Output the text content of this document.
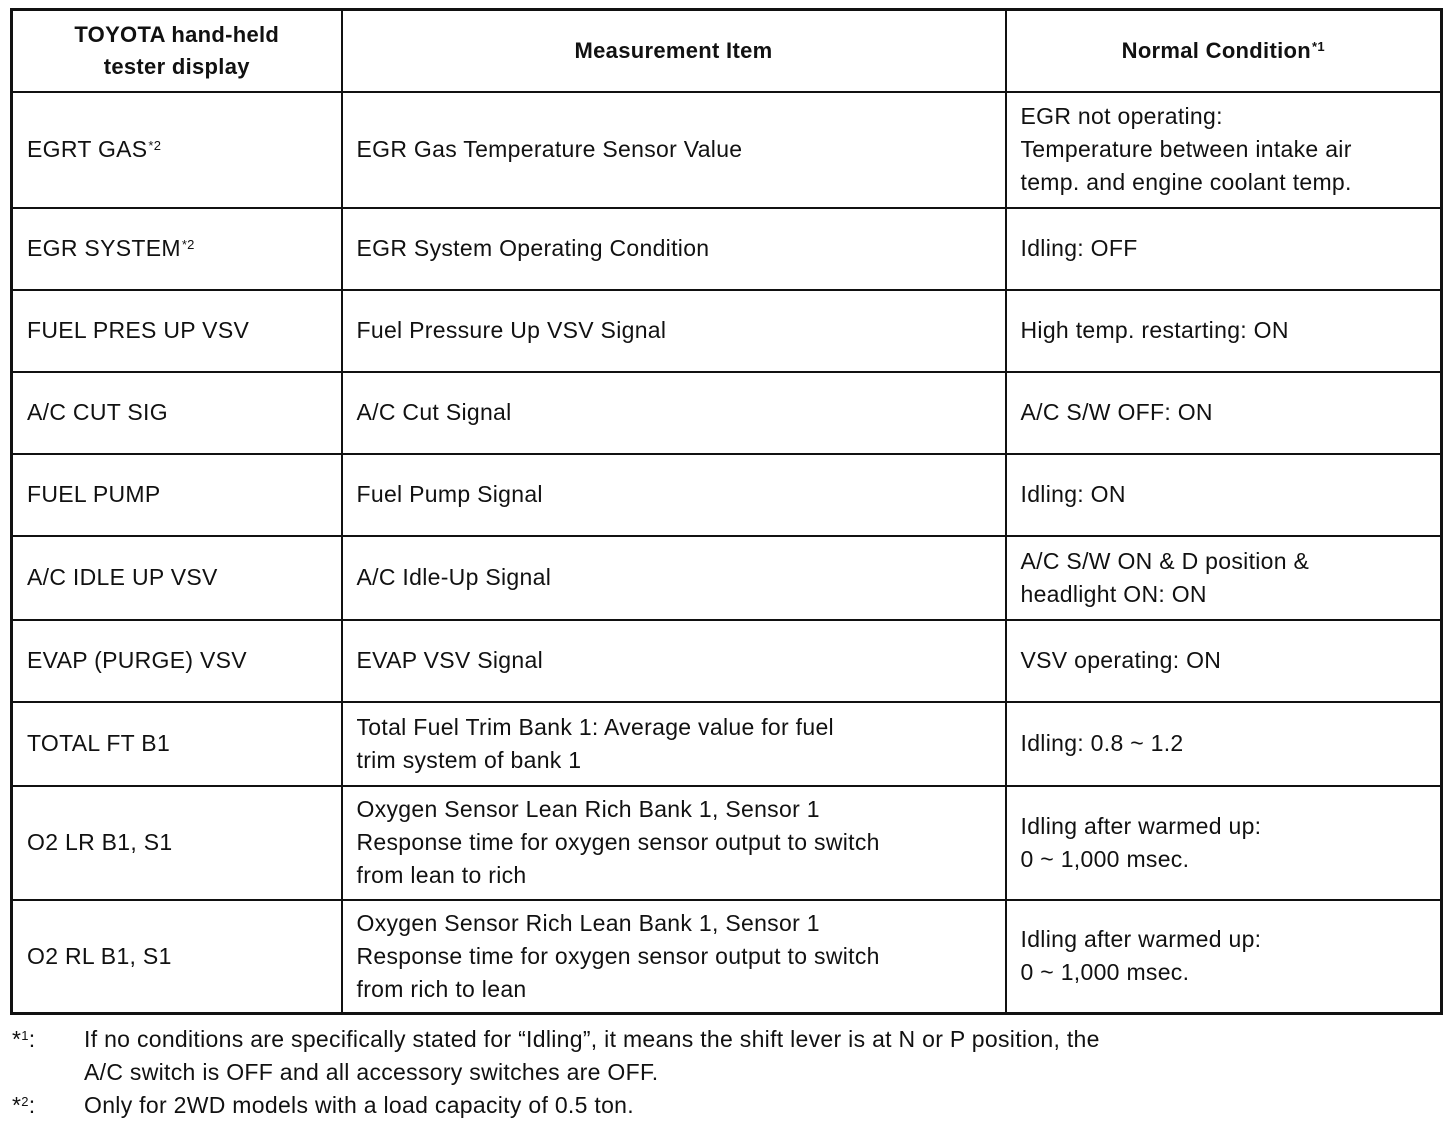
TOYOTA hand-held
tester display	Measurement Item	Normal Condition$^{*1}$
EGRT GAS$^{*2}$	EGR Gas Temperature Sensor Value	EGR not operating:
Temperature between intake air
temp. and engine coolant temp.
EGR SYSTEM$^{*2}$	EGR System Operating Condition	Idling: OFF
FUEL PRES UP VSV	Fuel Pressure Up VSV Signal	High temp. restarting: ON
A/C CUT SIG	A/C Cut Signal	A/C S/W OFF: ON
FUEL PUMP	Fuel Pump Signal	Idling: ON
A/C IDLE UP VSV	A/C Idle-Up Signal	A/C S/W ON & D position &
headlight ON: ON
EVAP (PURGE) VSV	EVAP VSV Signal	VSV operating: ON
TOTAL FT B1	Total Fuel Trim Bank 1: Average value for fuel
trim system of bank 1	Idling: 0.8 ~ 1.2
O2 LR B1, S1	Oxygen Sensor Lean Rich Bank 1, Sensor 1
Response time for oxygen sensor output to switch
from lean to rich	Idling after warmed up:
0 ~ 1,000 msec.
O2 RL B1, S1	Oxygen Sensor Rich Lean Bank 1, Sensor 1
Response time for oxygen sensor output to switch
from rich to lean	Idling after warmed up:
0 ~ 1,000 msec.
*$^1$:	If no conditions are specifically stated for “Idling”, it means the shift lever is at N or P position, the
A/C switch is OFF and all accessory switches are OFF.
*$^2$:	Only for 2WD models with a load capacity of 0.5 ton.
